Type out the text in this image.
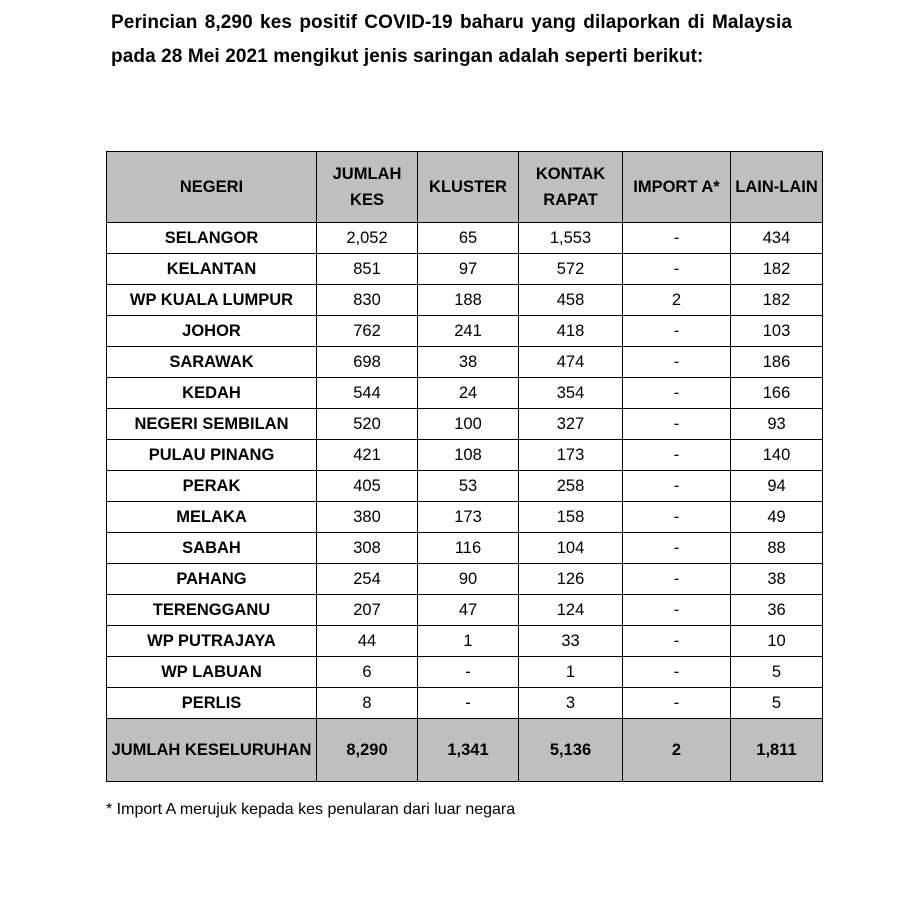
Perincian 8,290 kes positif COVID-19 baharu yang dilaporkan di Malaysia pada 28 Mei 2021 mengikut jenis saringan adalah seperti berikut:

NEGERI	JUMLAH KES	KLUSTER	KONTAK RAPAT	IMPORT A*	LAIN-LAIN
SELANGOR	2,052	65	1,553	-	434
KELANTAN	851	97	572	-	182
WP KUALA LUMPUR	830	188	458	2	182
JOHOR	762	241	418	-	103
SARAWAK	698	38	474	-	186
KEDAH	544	24	354	-	166
NEGERI SEMBILAN	520	100	327	-	93
PULAU PINANG	421	108	173	-	140
PERAK	405	53	258	-	94
MELAKA	380	173	158	-	49
SABAH	308	116	104	-	88
PAHANG	254	90	126	-	38
TERENGGANU	207	47	124	-	36
WP PUTRAJAYA	44	1	33	-	10
WP LABUAN	6	-	1	-	5
PERLIS	8	-	3	-	5
JUMLAH KESELURUHAN	8,290	1,341	5,136	2	1,811

* Import A merujuk kepada kes penularan dari luar negara
